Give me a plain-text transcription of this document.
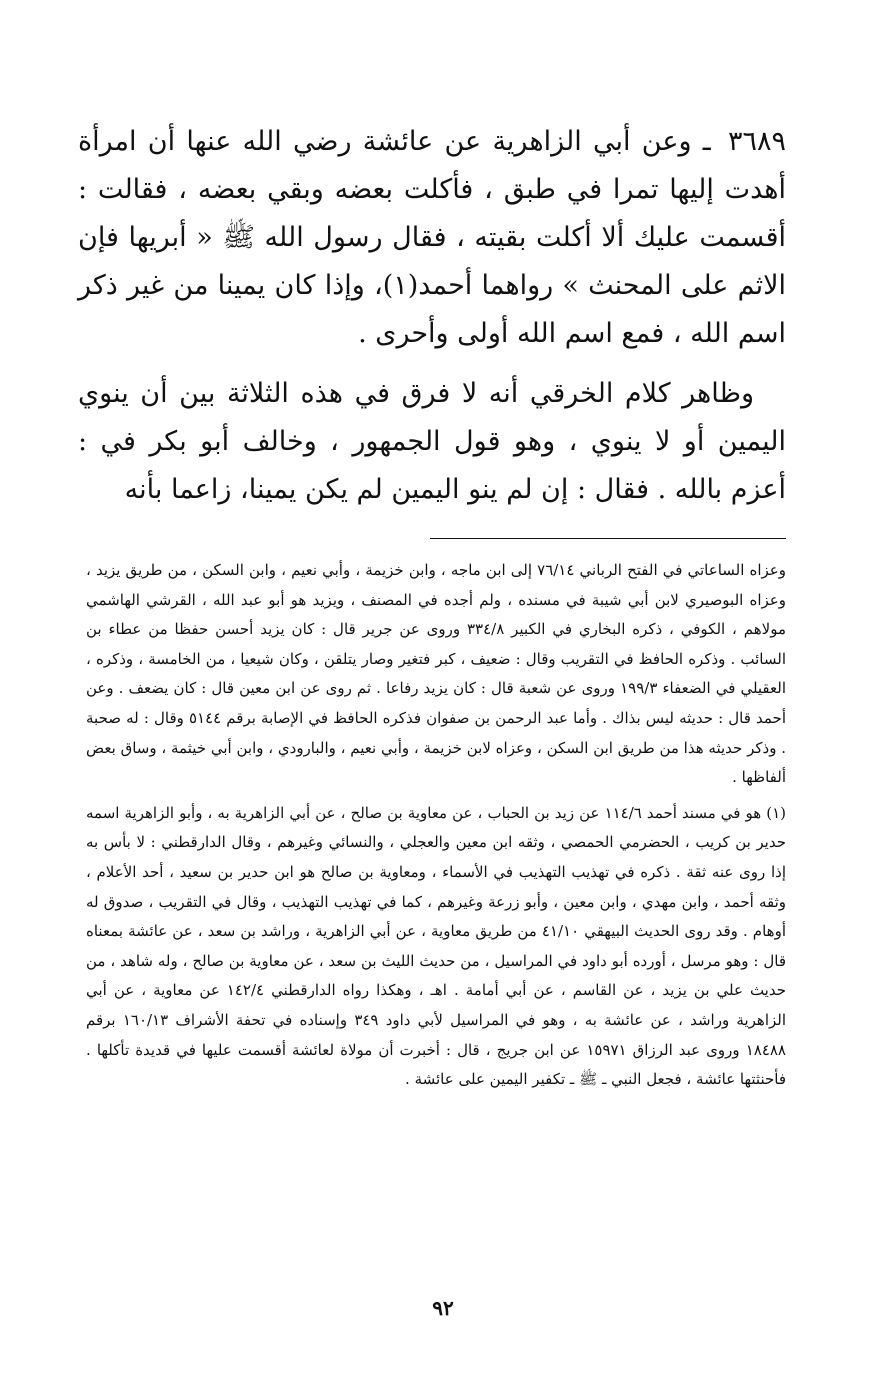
٣٦٨٩ ـ وعن أبي الزاهرية عن عائشة رضي الله عنها أن امرأة أهدت إليها تمرا في طبق ، فأكلت بعضه وبقي بعضه ، فقالت : أقسمت عليك ألا أكلت بقيته ، فقال رسول الله ﷺ « أبريها فإن الاثم على المحنث » رواهما أحمد(١)، وإذا كان يمينا من غير ذكر اسم الله ، فمع اسم الله أولى وأحرى .

وظاهر كلام الخرقي أنه لا فرق في هذه الثلاثة بين أن ينوي اليمين أو لا ينوي ، وهو قول الجمهور ، وخالف أبو بكر في : أعزم بالله . فقال : إن لم ينو اليمين لم يكن يمينا، زاعما بأنه

وعزاه الساعاتي في الفتح الرباني ٧٦/١٤ إلى ابن ماجه ، وابن خزيمة ، وأبي نعيم ، وابن السكن ، من طريق يزيد ، وعزاه البوصيري لابن أبي شيبة في مسنده ، ولم أجده في المصنف ، ويزيد هو أبو عبد الله ، القرشي الهاشمي مولاهم ، الكوفي ، ذكره البخاري في الكبير ٣٣٤/٨ وروى عن جرير قال : كان يزيد أحسن حفظا من عطاء بن السائب . وذكره الحافظ في التقريب وقال : ضعيف ، كبر فتغير وصار يتلقن ، وكان شيعيا ، من الخامسة ، وذكره ، العقيلي في الضعفاء ١٩٩/٣ وروى عن شعبة قال : كان يزيد رفاعا . ثم روى عن ابن معين قال : كان يضعف . وعن أحمد قال : حديثه ليس بذاك . وأما عبد الرحمن بن صفوان فذكره الحافظ في الإصابة برقم ٥١٤٤ وقال : له صحبة . وذكر حديثه هذا من طريق ابن السكن ، وعزاه لابن خزيمة ، وأبي نعيم ، والبارودي ، وابن أبي خيثمة ، وساق بعض ألفاظها .

(١) هو في مسند أحمد ١١٤/٦ عن زيد بن الحباب ، عن معاوية بن صالح ، عن أبي الزاهرية به ، وأبو الزاهرية اسمه حدير بن كريب ، الحضرمي الحمصي ، وثقه ابن معين والعجلي ، والنسائي وغيرهم ، وقال الدارقطني : لا بأس به إذا روى عنه ثقة . ذكره في تهذيب التهذيب في الأسماء ، ومعاوية بن صالح هو ابن حدير بن سعيد ، أحد الأعلام ، وثقه أحمد ، وابن مهدي ، وابن معين ، وأبو زرعة وغيرهم ، كما في تهذيب التهذيب ، وقال في التقريب ، صدوق له أوهام . وقد روى الحديث البيهقي ٤١/١٠ من طريق معاوية ، عن أبي الزاهرية ، وراشد بن سعد ، عن عائشة بمعناه قال : وهو مرسل ، أورده أبو داود في المراسيل ، من حديث الليث بن سعد ، عن معاوية بن صالح ، وله شاهد ، من حديث علي بن يزيد ، عن القاسم ، عن أبي أمامة . اهـ ، وهكذا رواه الدارقطني ١٤٢/٤ عن معاوية ، عن أبي الزاهرية وراشد ، عن عائشة به ، وهو في المراسيل لأبي داود ٣٤٩ وإسناده في تحفة الأشراف ١٦٠/١٣ برقم ١٨٤٨٨ وروى عبد الرزاق ١٥٩٧١ عن ابن جريج ، قال : أخبرت أن مولاة لعائشة أقسمت عليها في قديدة تأكلها . فأحنثتها عائشة ، فجعل النبي ـ ﷺ ـ تكفير اليمين على عائشة .

٩٢
